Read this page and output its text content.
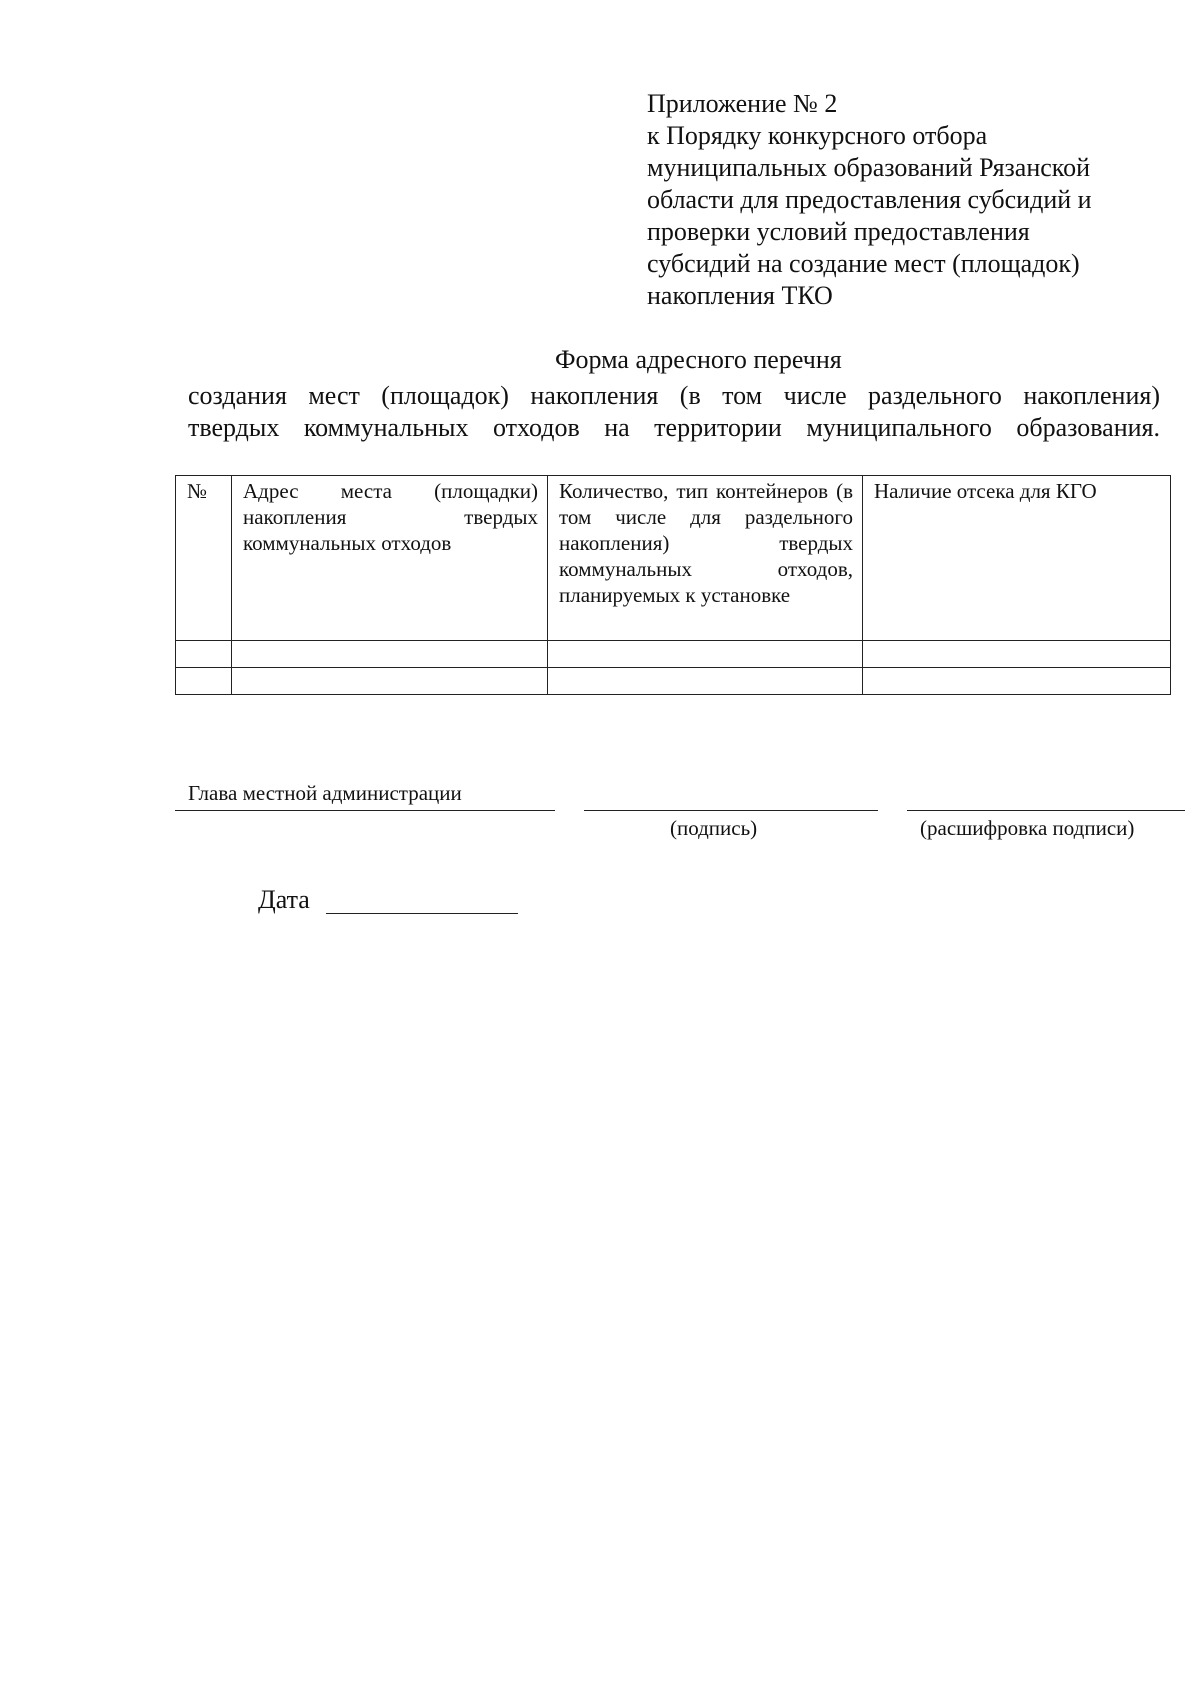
Приложение № 2
к Порядку конкурсного отбора
муниципальных образований Рязанской
области для предоставления субсидий и
проверки условий предоставления
субсидий на создание мест (площадок)
накопления ТКО
Форма адресного перечня
создания мест (площадок) накопления (в том числе раздельного накопления)
твердых коммунальных отходов на территории муниципального образования.
№	Адрес места (площадки) накопления твердых коммунальных отходов	Количество, тип контейнеров (в том числе для раздельного накопления) твердых коммунальных отходов, планируемых к установке	Наличие отсека для КГО

Глава местной администрации
(подпись)	(расшифровка подписи)
Дата
